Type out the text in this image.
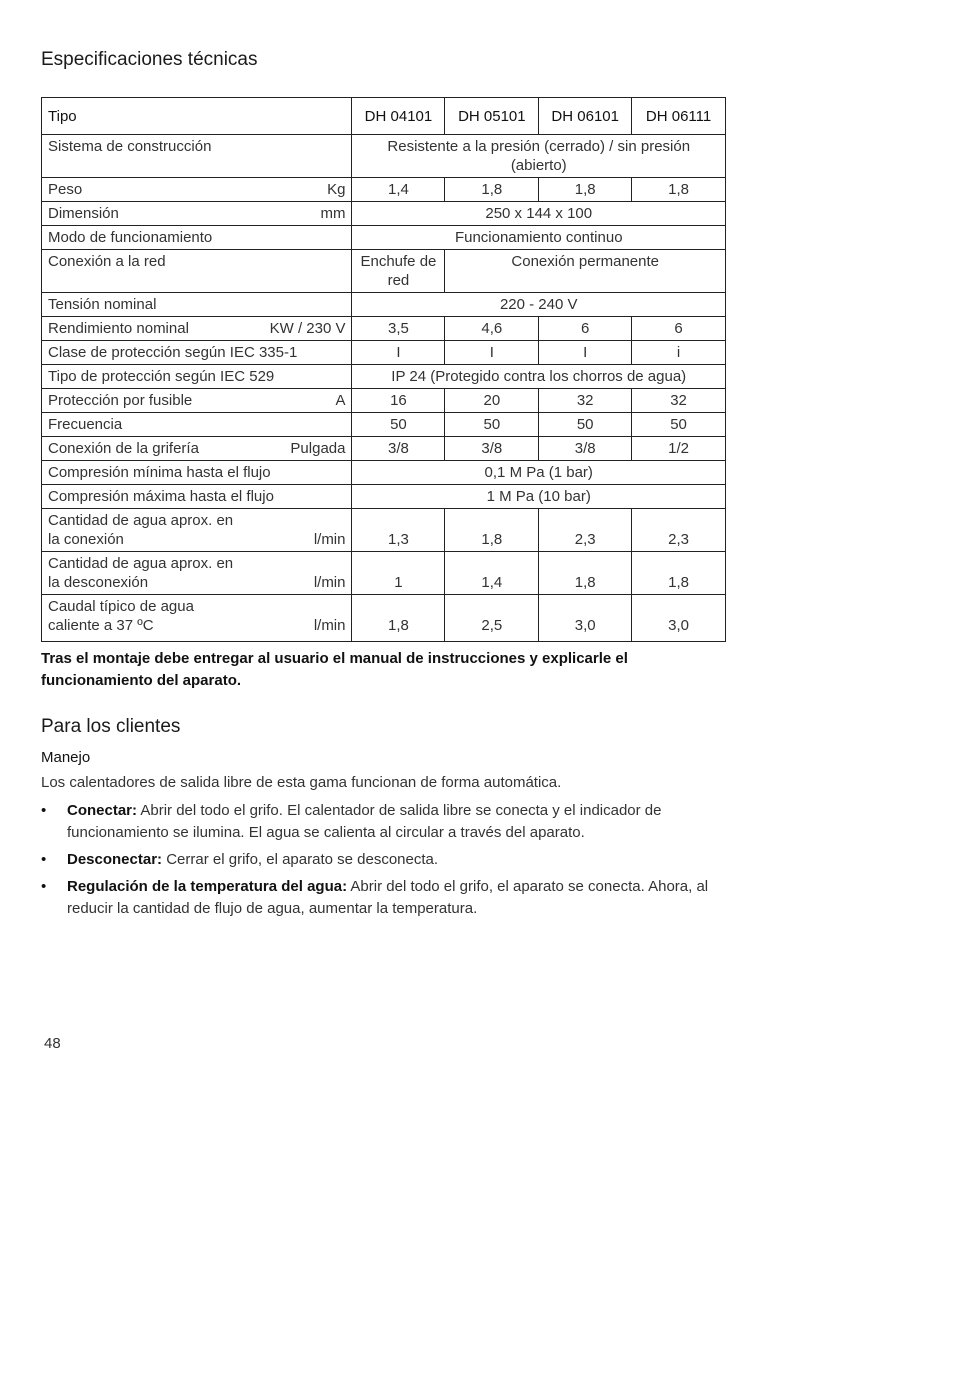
Especificaciones técnicas
Tipo	DH 04101	DH 05101	DH 06101	DH 06111
Sistema de construcción	Resistente a la presión (cerrado) / sin presión (abierto)			

Peso Kg	1,4	1,8	1,8	1,8

Dimensión mm	250 x 144 x 100			
Modo de funcionamiento	Funcionamiento continuo			
Conexión a la red	Enchufe de red	Conexión permanente		
Tensión nominal	220 - 240 V			

Rendimiento nominal KW / 230 V	3,5	4,6	6	6
Clase de protección según IEC 335-1	I	I	I	i
Tipo de protección según IEC 529	IP 24 (Protegido contra los chorros de agua)			

Protección por fusible A	16	20	32	32
Frecuencia	50	50	50	50

Conexión de la grifería Pulgada	3/8	3/8	3/8	1/2
Compresión mínima hasta el flujo	0,1 M Pa (1 bar)			
Compresión máxima hasta el flujo	1 M Pa (10 bar)			

Cantidad de agua aprox. en
la conexión l/min	1,3	1,8	2,3	2,3

Cantidad de agua aprox. en
la desconexión l/min	1	1,4	1,8	1,8

Caudal típico de agua
caliente a 37 ºC l/min	1,8	2,5	3,0	3,0

Tras el montaje debe entregar al usuario el manual de instrucciones y explicarle el funcionamiento del aparato.

Para los clientes
Manejo

Los calentadores de salida libre de esta gama funcionan de forma automática.

• Conectar: Abrir del todo el grifo. El calentador de salida libre se conecta y el indicador de funcionamiento se ilumina. El agua se calienta al circular a través del aparato.
• Desconectar: Cerrar el grifo, el aparato se desconecta.
• Regulación de la temperatura del agua: Abrir del todo el grifo, el aparato se conecta. Ahora, al reducir la cantidad de flujo de agua, aumentar la temperatura.
48
